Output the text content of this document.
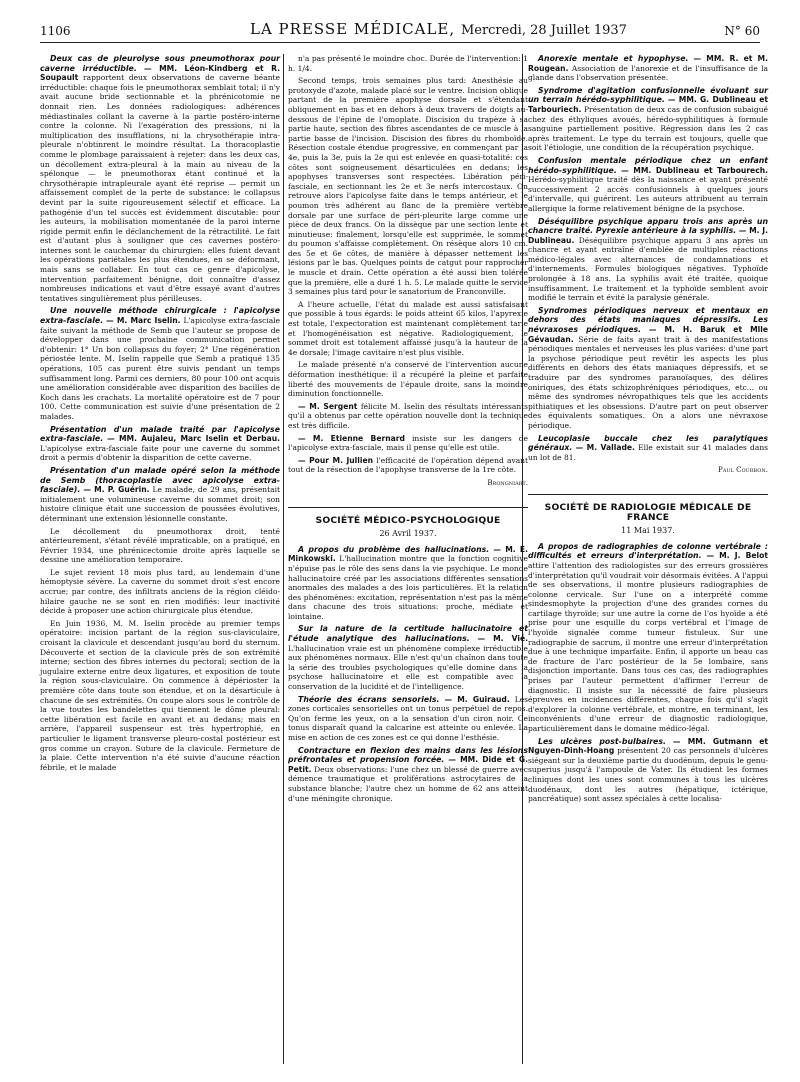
1106	LA PRESSE MÉDICALE, Mercredi, 28 Juillet 1937	N° 60

Deux cas de pleurolyse sous pneumothorax pour caverne irréductible. — MM. Léon-Kindberg et R. Soupault rapportent deux observations de caverne béante irréductible: chaque fois le pneumothorax semblait total; il n'y avait aucune bride sectionnable et la phrénicotomie ne donnait rien. Les données radiologiques: adhérences médiastinales collant la caverne à la partie postéro-interne contre la colonne. Ni l'exagération des pressions, ni la multiplication des insufflations, ni la chrysothérapie intra-pleurale n'obtinrent le moindre résultat. La thoracoplastie comme le plombage paraissaient à rejeter: dans les deux cas, un décollement extra-pleural à la main au niveau de la spélonque — le pneumothorax étant continué et la chrysothérapie intrapleurale ayant été reprise — permit un affaissement complet de la perte de substance: le collapsus devint par la suite rigoureusement sélectif et efficace. La pathogénie d'un tel succès est évidemment discutable: pour les auteurs, la mobilisation momentanée de la paroi interne rigide permit enfin le déclanchement de la rétractilité. Le fait est d'autant plus à souligner que ces cavernes postéro-internes sont le cauchemar du chirurgien: elles fuient devant les opérations pariétales les plus étendues, en se déformant, mais sans se collaber. En tout cas ce genre d'apicolyse, intervention parfaitement bénigne, doit connaître d'assez nombreuses indications et vaut d'être essayé avant d'autres tentatives singulièrement plus périlleuses.

Une nouvelle méthode chirurgicale : l'apicolyse extra-fasciale. — M. Marc Iselin. L'apicolyse extra-fasciale faite suivant la méthode de Semb que l'auteur se propose de développer dans une prochaine communication permet d'obtenir: 1° Un bon collapsus du foyer; 2° Une régénération périostée lente. M. Iselin rappelle que Semb a pratiqué 135 opérations, 105 cas purent être suivis pendant un temps suffisamment long. Parmi ces derniers, 80 pour 100 ont acquis une amélioration considérable avec disparition des bacilles de Koch dans les crachats. La mortalité opératoire est de 7 pour 100. Cette communication est suivie d'une présentation de 2 malades.

Présentation d'un malade traité par l'apicolyse extra-fasciale. — MM. Aujaleu, Marc Iselin et Derbau. L'apicolyse extra-fasciale faite pour une caverne du sommet droit a permis d'obtenir la disparition de cette caverne.

Présentation d'un malade opéré selon la méthode de Semb (thoracoplastie avec apicolyse extra-fasciale). — M. P. Guérin. Le malade, de 29 ans, présentait initialement une volumineuse caverne du sommet droit; son histoire clinique était une succession de poussées évolutives, déterminant une extension lésionnelle constante.

Le décollement du pneumothorax droit, tenté antérieurement, s'étant révélé impraticable, on a pratiqué, en Février 1934, une phrénicectomie droite après laquelle se dessine une amélioration temporaire.

Le sujet revient 18 mois plus tard, au lendemain d'une hémoptysie sévère. La caverne du sommet droit s'est encore accrue; par contre, des infiltrats anciens de la région cléido-hilaire gauche ne se sont en rien modifiés: leur inactivité décide à proposer une action chirurgicale plus étendue.

En Juin 1936, M. M. Iselin procède au premier temps opératoire: incision partant de la région sus-claviculaire, croisant la clavicule et descendant jusqu'au bord du sternum. Découverte et section de la clavicule près de son extrémité interne; section des fibres internes du pectoral; section de la jugulaire externe entre deux ligatures, et exposition de toute la région sous-claviculaire. On commence à dépérioster la première côte dans toute son étendue, et on la désarticule à chacune de ses extrémités. On coupe alors sous le contrôle de la vue toutes les bandelettes qui tiennent le dôme pleural: cette libération est facile en avant et au dedans; mais en arrière, l'appareil suspenseur est très hypertrophié, en particulier le ligament transverse pleuro-costal postérieur est gros comme un crayon. Suture de la clavicule. Fermeture de la plaie. Cette intervention n'a été suivie d'aucune réaction fébrile, et le malade

n'a pas présenté le moindre choc. Durée de l'intervention: 1 h. 1/4.

Second temps, trois semaines plus tard: Anesthésie au protoxyde d'azote, malade placé sur le ventre. Incision oblique partant de la première apophyse dorsale et s'étendant obliquement en bas et en dehors à deux travers de doigts au-dessous de l'épine de l'omoplate. Discision du trapèze à sa partie haute, section des fibres ascendantes de ce muscle à la partie basse de l'incision. Discision des fibres du rhomboïde. Résection costale étendue progressive, en commençant par la 4e, puis la 3e, puis la 2e qui est enlevée en quasi-totalité: ces côtes sont soigneusement désarticulées en dedans; les apophyses transverses sont respectées. Libération péri-fasciale, en sectionnant les 2e et 3e nerfs intercostaux. On retrouve alors l'apicolyse faite dans le temps antérieur, et le poumon très adhérent au flanc de la première vertèbre dorsale par une surface de péri-pleurite large comme une pièce de deux francs. On la dissèque par une section lente et minutieuse: finalement, lorsqu'elle est supprimée, le sommet du poumon s'affaisse complètement. On résèque alors 10 cm. des 5e et 6e côtes, de manière à dépasser nettement les lésions par le bas. Quelques points de catgut pour rapprocher le muscle et drain. Cette opération a été aussi bien tolérée que la première, elle a duré 1 h. 5. Le malade quitte le service 3 semaines plus tard pour le sanatorium de Franconville.

A l'heure actuelle, l'état du malade est aussi satisfaisant que possible à tous égards: le poids atteint 65 kilos, l'apyrexie est totale, l'expectoration est maintenant complètement tarie et l'homogénéisation est négative. Radiologiquement, le sommet droit est totalement affaissé jusqu'à la hauteur de la 4e dorsale; l'image cavitaire n'est plus visible.

Le malade présenté n'a conservé de l'intervention aucune déformation inesthétique: il a récupéré la pleine et parfaite liberté des mouvements de l'épaule droite, sans la moindre diminution fonctionnelle.

— M. Sergent félicite M. Iselin des résultats intéressants qu'il a obtenus par cette opération nouvelle dont la technique est très difficile.

— M. Etienne Bernard insiste sur les dangers de l'apicolyse extra-fasciale, mais il pense qu'elle est utile.

— Pour M. Jullien l'efficacité de l'opération dépend avant tout de la résection de l'apophyse transverse de la 1re côte.

Brongniart.
SOCIÉTÉ MÉDICO-PSYCHOLOGIQUE
26 Avril 1937.

A propos du problème des hallucinations. — M. E. Minkowski. L'hallucination montre que la fonction cognitive n'épuise pas le rôle des sens dans la vie psychique. Le monde hallucinatoire créé par les associations différentes sensations anormales des malades a des lois particulières. Et la relation des phénomènes: excitation, représentation n'est pas la même dans chacune des trois situations: proche, médiate et lointaine.

Sur la nature de la certitude hallucinatoire et l'étude analytique des hallucinations. — M. Vié. L'hallucination vraie est un phénomène complexe irréductible aux phénomènes normaux. Elle n'est qu'un chaînon dans toute la série des troubles psychologiques qu'elle domine dans la psychose hallucinatoire et elle est compatible avec la conservation de la lucidité et de l'intelligence.

Théorie des écrans sensoriels. — M. Guiraud. Les zones corticales sensorielles ont un tonus perpétuel de repos. Qu'on ferme les yeux, on a la sensation d'un ciron noir. Ce tonus disparaît quand la calcarine est atteinte ou enlevée. La mise en action de ces zones est ce qui donne l'esthésie.

Contracture en flexion des mains dans les lésions préfrontales et propension forcée. — MM. Dide et G. Petit. Deux observations: l'une chez un blessé de guerre avec démence traumatique et proliférations astrocytaires de la substance blanche; l'autre chez un homme de 62 ans atteint d'une méningite chronique.

Anorexie mentale et hypophyse. — MM. R. et M. Rougean. Association de l'anorexie et de l'insuffisance de la glande dans l'observation présentée.

Syndrome d'agitation confusionnelle évoluant sur un terrain hérédo-syphilitique. — MM. G. Dublineau et Tarbouriech. Présentation de deux cas de confusion subaiguë chez des éthyliques avoués, hérédo-syphilitiques à formule sanguine partiellement positive. Régression dans les 2 cas après traitement. Le type du terrain est toujours, quelle que soit l'étiologie, une condition de la récupération psychique.

Confusion mentale périodique chez un enfant hérédo-syphilitique. — MM. Dublineau et Tarbourech. Hérédo-syphilitique traité dès la naissance et ayant présenté successivement 2 accès confusionnels à quelques jours d'intervalle, qui guérirent. Les auteurs attribuent au terrain allergique la forme relativement bénigne de la psychose.

Déséquilibre psychique apparu trois ans après un chancre traité. Pyrexie antérieure à la syphilis. — M. J. Dublineau. Déséquilibre psychique apparu 3 ans après un chancre et ayant entraîné d'emblée de multiples réactions médico-légales avec alternances de condamnations et d'internements. Formules biologiques négatives. Typhoïde prolongée à 18 ans. La syphilis avait été traitée, quoique insuffisamment. Le traitement et la typhoïde semblent avoir modifié le terrain et évité la paralysie générale.

Syndromes périodiques nerveux et mentaux en dehors des états maniaques dépressifs. Les névraxoses périodiques. — M. H. Baruk et Mlle Gévaudan. Série de faits ayant trait à des manifestations périodiques mentales et nerveuses les plus variées: d'une part la psychose périodique peut revêtir les aspects les plus différents en dehors des états maniaques dépressifs, et se traduire par des syndromes paranoïaques, des délires oniriques, des états schizophréniques périodiques, etc... ou même des syndromes névropathiques tels que les accidents pithiatiques et les obsessions. D'autre part on peut observer des équivalents somatiques. On a alors une névraxose périodique.

Leucoplasie buccale chez les paralytiques généraux. — M. Vallade. Elle existait sur 41 malades dans un lot de 81.

Paul Courbon.
SOCIÉTÉ DE RADIOLOGIE MÉDICALE DE FRANCE
11 Mai 1937.

A propos de radiographies de colonne vertébrale : difficultés et erreurs d'interprétation. — M. J. Belot attire l'attention des radiologistes sur des erreurs grossières d'interprétation qu'il voudrait voir désormais évitées. A l'appui de ses observations, il montre plusieurs radiographies de colonne cervicale. Sur l'une on a interprété comme sindesmophyte la projection d'une des grandes cornes du cartilage thyroïde; sur une autre la corne de l'os hyoïde a été prise pour une esquille du corps vertébral et l'image de l'hyoïde signalée comme tumeur fistuleux. Sur une radiographie de sacrum, il montre une erreur d'interprétation due à une technique imparfaite. Enfin, il apporte un beau cas de fracture de l'arc postérieur de la 5e lombaire, sans disjonction importante. Dans tous ces cas, des radiographies prises par l'auteur permettent d'affirmer l'erreur de diagnostic. Il insiste sur la nécessité de faire plusieurs épreuves en incidences différentes, chaque fois qu'il s'agit d'explorer la colonne vertébrale, et montre, en terminant, les inconvénients d'une erreur de diagnostic radiologique, particulièrement dans le domaine médico-légal.

Les ulcères post-bulbaires. — MM. Gutmann et Nguyen-Dinh-Hoang présentent 20 cas personnels d'ulcères siégeant sur la deuxième partie du duodénum, depuis le genu-superius jusqu'à l'ampoule de Vater. Ils étudient les formes cliniques dont les unes sont communes à tous les ulcères duodénaux, dont les autres (hépatique, ictérique, pancréatique) sont assez spéciales à cette localisa-
